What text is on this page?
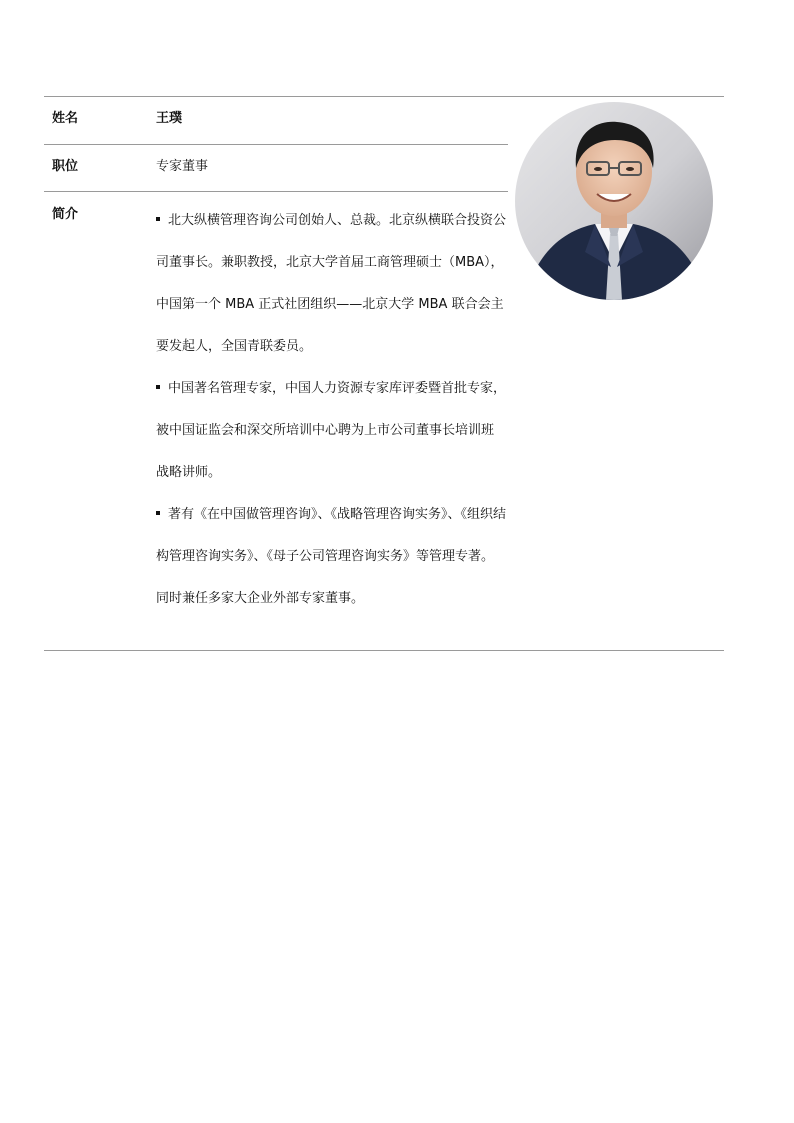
姓名	王璞
职位	专家董事
简介	北大纵横管理咨询公司创始人、总裁。北京纵横联合投资公司董事长。兼职教授，北京大学首届工商管理硕士（MBA），中国第一个 MBA 正式社团组织——北京大学 MBA 联合会主要发起人，全国青联委员。

中国著名管理专家，中国人力资源专家库评委暨首批专家，被中国证监会和深交所培训中心聘为上市公司董事长培训班战略讲师。

著有《在中国做管理咨询》、《战略管理咨询实务》、《组织结构管理咨询实务》、《母子公司管理咨询实务》等管理专著。同时兼任多家大企业外部专家董事。
